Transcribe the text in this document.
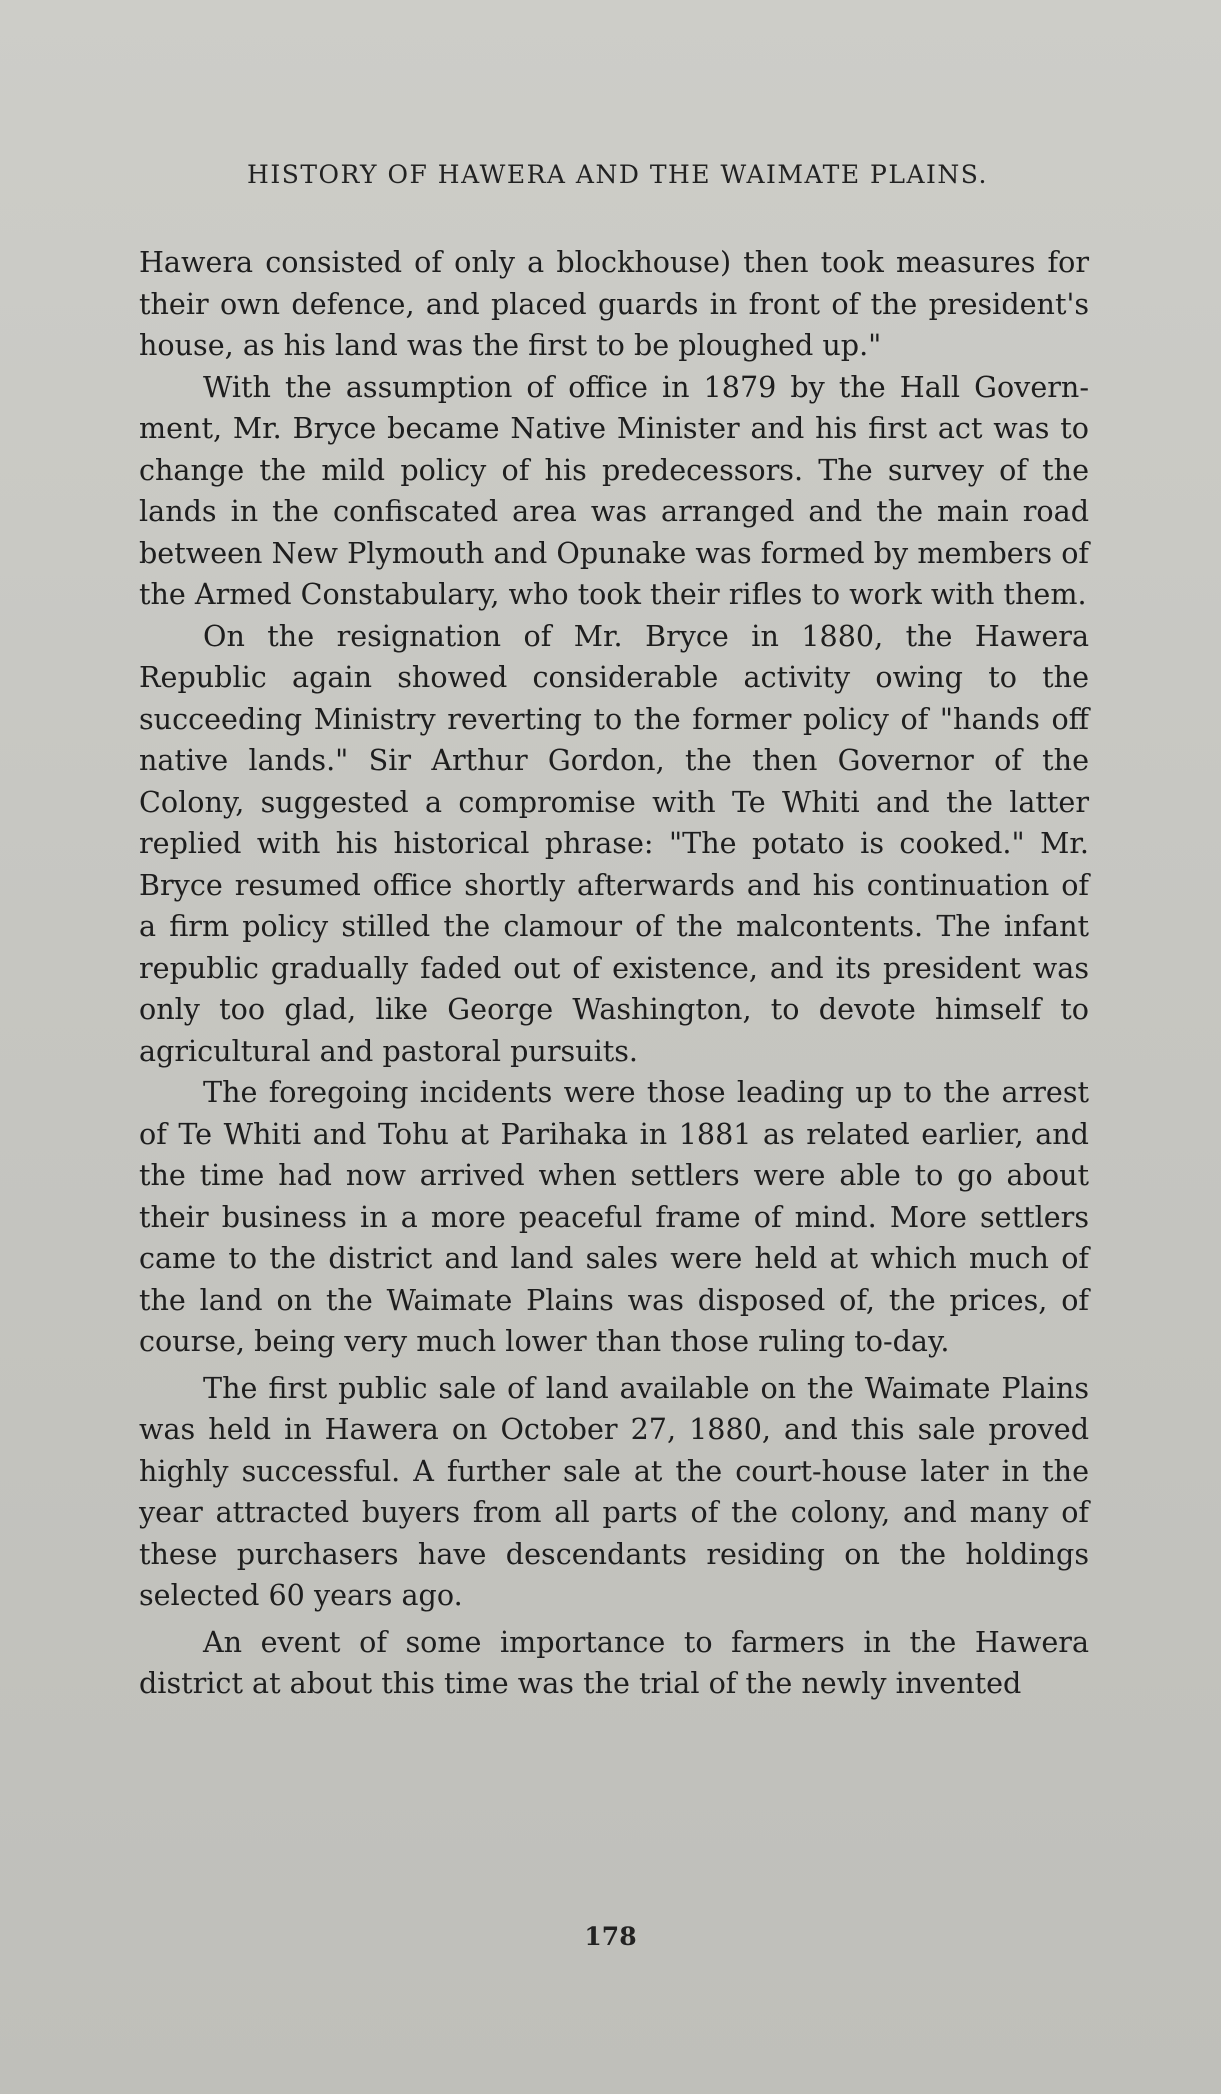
HISTORY OF HAWERA AND THE WAIMATE PLAINS.

Hawera consisted of only a blockhouse) then took measures for their own defence, and placed guards in front of the president's house, as his land was the first to be ploughed up."

With the assumption of office in 1879 by the Hall Government, Mr. Bryce became Native Minister and his first act was to change the mild policy of his predecessors. The survey of the lands in the confiscated area was arranged and the main road between New Plymouth and Opunake was formed by members of the Armed Constabulary, who took their rifles to work with them.

On the resignation of Mr. Bryce in 1880, the Hawera Republic again showed considerable activity owing to the succeeding Ministry reverting to the former policy of "hands off native lands." Sir Arthur Gordon, the then Governor of the Colony, suggested a compromise with Te Whiti and the latter replied with his historical phrase: "The potato is cooked." Mr. Bryce resumed office shortly afterwards and his continuation of a firm policy stilled the clamour of the malcontents. The infant republic gradually faded out of existence, and its president was only too glad, like George Washington, to devote himself to agricultural and pastoral pursuits.

The foregoing incidents were those leading up to the arrest of Te Whiti and Tohu at Parihaka in 1881 as related earlier, and the time had now arrived when settlers were able to go about their business in a more peaceful frame of mind. More settlers came to the district and land sales were held at which much of the land on the Waimate Plains was disposed of, the prices, of course, being very much lower than those ruling to-day.

The first public sale of land available on the Waimate Plains was held in Hawera on October 27, 1880, and this sale proved highly successful. A further sale at the court-house later in the year attracted buyers from all parts of the colony, and many of these purchasers have descendants residing on the holdings selected 60 years ago.

An event of some importance to farmers in the Hawera district at about this time was the trial of the newly invented

178
